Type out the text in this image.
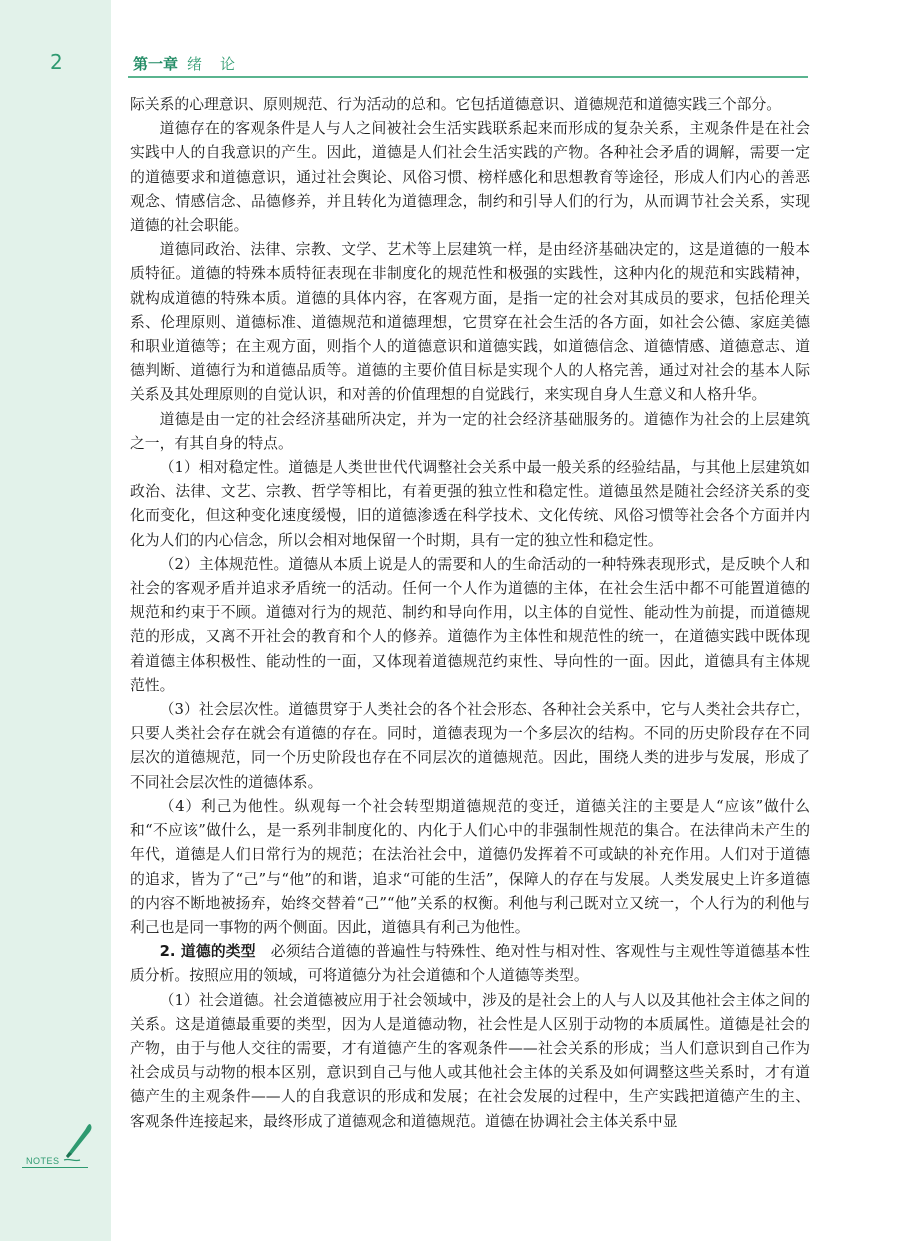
2	第一章 绪论

际关系的心理意识、原则规范、行为活动的总和。它包括道德意识、道德规范和道德实践三个部分。

道德存在的客观条件是人与人之间被社会生活实践联系起来而形成的复杂关系，主观条件是在社会实践中人的自我意识的产生。因此，道德是人们社会生活实践的产物。各种社会矛盾的调解，需要一定的道德要求和道德意识，通过社会舆论、风俗习惯、榜样感化和思想教育等途径，形成人们内心的善恶观念、情感信念、品德修养，并且转化为道德理念，制约和引导人们的行为，从而调节社会关系，实现道德的社会职能。

道德同政治、法律、宗教、文学、艺术等上层建筑一样，是由经济基础决定的，这是道德的一般本质特征。道德的特殊本质特征表现在非制度化的规范性和极强的实践性，这种内化的规范和实践精神，就构成道德的特殊本质。道德的具体内容，在客观方面，是指一定的社会对其成员的要求，包括伦理关系、伦理原则、道德标准、道德规范和道德理想，它贯穿在社会生活的各方面，如社会公德、家庭美德和职业道德等；在主观方面，则指个人的道德意识和道德实践，如道德信念、道德情感、道德意志、道德判断、道德行为和道德品质等。道德的主要价值目标是实现个人的人格完善，通过对社会的基本人际关系及其处理原则的自觉认识，和对善的价值理想的自觉践行，来实现自身人生意义和人格升华。

道德是由一定的社会经济基础所决定，并为一定的社会经济基础服务的。道德作为社会的上层建筑之一，有其自身的特点。

（1）相对稳定性。道德是人类世世代代调整社会关系中最一般关系的经验结晶，与其他上层建筑如政治、法律、文艺、宗教、哲学等相比，有着更强的独立性和稳定性。道德虽然是随社会经济关系的变化而变化，但这种变化速度缓慢，旧的道德渗透在科学技术、文化传统、风俗习惯等社会各个方面并内化为人们的内心信念，所以会相对地保留一个时期，具有一定的独立性和稳定性。

（2）主体规范性。道德从本质上说是人的需要和人的生命活动的一种特殊表现形式，是反映个人和社会的客观矛盾并追求矛盾统一的活动。任何一个人作为道德的主体，在社会生活中都不可能置道德的规范和约束于不顾。道德对行为的规范、制约和导向作用，以主体的自觉性、能动性为前提，而道德规范的形成，又离不开社会的教育和个人的修养。道德作为主体性和规范性的统一，在道德实践中既体现着道德主体积极性、能动性的一面，又体现着道德规范约束性、导向性的一面。因此，道德具有主体规范性。

（3）社会层次性。道德贯穿于人类社会的各个社会形态、各种社会关系中，它与人类社会共存亡，只要人类社会存在就会有道德的存在。同时，道德表现为一个多层次的结构。不同的历史阶段存在不同层次的道德规范，同一个历史阶段也存在不同层次的道德规范。因此，围绕人类的进步与发展，形成了不同社会层次性的道德体系。

（4）利己为他性。纵观每一个社会转型期道德规范的变迁，道德关注的主要是人“应该”做什么和“不应该”做什么，是一系列非制度化的、内化于人们心中的非强制性规范的集合。在法律尚未产生的年代，道德是人们日常行为的规范；在法治社会中，道德仍发挥着不可或缺的补充作用。人们对于道德的追求，皆为了“己”与“他”的和谐，追求“可能的生活”，保障人的存在与发展。人类发展史上许多道德的内容不断地被扬弃，始终交替着“己”“他”关系的权衡。利他与利己既对立又统一，个人行为的利他与利己也是同一事物的两个侧面。因此，道德具有利己为他性。

2. 道德的类型　 必须结合道德的普遍性与特殊性、绝对性与相对性、客观性与主观性等道德基本性质分析。按照应用的领域，可将道德分为社会道德和个人道德等类型。

（1）社会道德。社会道德被应用于社会领域中，涉及的是社会上的人与人以及其他社会主体之间的关系。这是道德最重要的类型，因为人是道德动物，社会性是人区别于动物的本质属性。道德是社会的产物，由于与他人交往的需要，才有道德产生的客观条件——社会关系的形成；当人们意识到自己作为社会成员与动物的根本区别，意识到自己与他人或其他社会主体的关系及如何调整这些关系时，才有道德产生的主观条件——人的自我意识的形成和发展；在社会发展的过程中，生产实践把道德产生的主、客观条件连接起来，最终形成了道德观念和道德规范。道德在协调社会主体关系中显

NOTES
